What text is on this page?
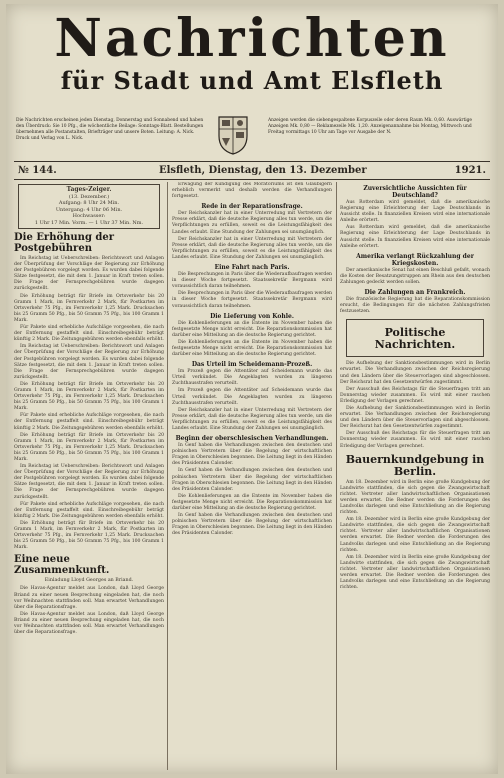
Nachrichten
für Stadt und Amt Elsfleth
Die Nachrichten erscheinen jeden Dienstag, Donnerstag und Sonnabend und haben den Überdruck: Sie 10 Pfg., die wöchentliche Beilage: Sonntags-Blatt. Bestellungen übernehmen alle Postanstalten, Briefträger und unsere Boten. Leitung: A. Nick. Druck und Verlag von L. Nick.
Anzeigen werden die siebengespaltene Korpuszeile oder deren Raum Mk. 0,60. Auswärtige Anzeigen Mk. 0,80 — Reklamezeile Mk. 1,20. Anzeigenannahme bis Montag, Mittwoch und Freitag vormittags 10 Uhr am Tage vor Ausgabe der N.
№ 144.	Elsfleth, Dienstag, den 13. Dezember	1921.
Tages-Zeiger.
(13. Dezember.)
Aufgang: 8 Uhr 24 Min.
Untergang: 4 Uhr 06 Min.
Hochwasser:
1 Uhr 17 Min. Vorm. — 1 Uhr 37 Min. Nm.
Die Erhöhung der Postgebühren

Im Reichstag ist Ueberschreiben: Berichtswort und Anlagen der Überprüfung der Vorschläge der Regierung zur Erhöhung der Postgebühren vorgelegt worden. Es wurden dabei folgende Sätze festgesetzt, die mit dem 1. Januar in Kraft treten sollen. Die Frage der Fernsprechgebühren wurde dagegen zurückgestellt.

Die Erhöhung beträgt für Briefe im Ortsverkehr bis 20 Gramm 1 Mark, im Fernverkehr 2 Mark, für Postkarten im Ortsverkehr 75 Pfg., im Fernverkehr 1,25 Mark. Drucksachen bis 25 Gramm 50 Pfg., bis 50 Gramm 75 Pfg., bis 100 Gramm 1 Mark.

Für Pakete sind erhebliche Aufschläge vorgesehen, die nach der Entfernung gestaffelt sind. Einschreibegebühr beträgt künftig 2 Mark. Die Zeitungsgebühren werden ebenfalls erhöht.

Im Reichstag ist Ueberschreiben: Berichtswort und Anlagen der Überprüfung der Vorschläge der Regierung zur Erhöhung der Postgebühren vorgelegt worden. Es wurden dabei folgende Sätze festgesetzt, die mit dem 1. Januar in Kraft treten sollen. Die Frage der Fernsprechgebühren wurde dagegen zurückgestellt.

Die Erhöhung beträgt für Briefe im Ortsverkehr bis 20 Gramm 1 Mark, im Fernverkehr 2 Mark, für Postkarten im Ortsverkehr 75 Pfg., im Fernverkehr 1,25 Mark. Drucksachen bis 25 Gramm 50 Pfg., bis 50 Gramm 75 Pfg., bis 100 Gramm 1 Mark.

Für Pakete sind erhebliche Aufschläge vorgesehen, die nach der Entfernung gestaffelt sind. Einschreibegebühr beträgt künftig 2 Mark. Die Zeitungsgebühren werden ebenfalls erhöht.

Die Erhöhung beträgt für Briefe im Ortsverkehr bis 20 Gramm 1 Mark, im Fernverkehr 2 Mark, für Postkarten im Ortsverkehr 75 Pfg., im Fernverkehr 1,25 Mark. Drucksachen bis 25 Gramm 50 Pfg., bis 50 Gramm 75 Pfg., bis 100 Gramm 1 Mark.

Im Reichstag ist Ueberschreiben: Berichtswort und Anlagen der Überprüfung der Vorschläge der Regierung zur Erhöhung der Postgebühren vorgelegt worden. Es wurden dabei folgende Sätze festgesetzt, die mit dem 1. Januar in Kraft treten sollen. Die Frage der Fernsprechgebühren wurde dagegen zurückgestellt.

Für Pakete sind erhebliche Aufschläge vorgesehen, die nach der Entfernung gestaffelt sind. Einschreibegebühr beträgt künftig 2 Mark. Die Zeitungsgebühren werden ebenfalls erhöht.

Die Erhöhung beträgt für Briefe im Ortsverkehr bis 20 Gramm 1 Mark, im Fernverkehr 2 Mark, für Postkarten im Ortsverkehr 75 Pfg., im Fernverkehr 1,25 Mark. Drucksachen bis 25 Gramm 50 Pfg., bis 50 Gramm 75 Pfg., bis 100 Gramm 1 Mark.

Eine neue Zusammenkunft.
Einladung Lloyd Georges an Briand.

Die Havas-Agentur meldet aus London, daß Lloyd George Briand zu einer neuen Besprechung eingeladen hat, die noch vor Weihnachten stattfinden soll. Man erwartet Verhandlungen über die Reparationsfrage.

Die Havas-Agentur meldet aus London, daß Lloyd George Briand zu einer neuen Besprechung eingeladen hat, die noch vor Weihnachten stattfinden soll. Man erwartet Verhandlungen über die Reparationsfrage.

Erwägung der Kündigung des Moratoriums ist den Gläubigern erheblich vermerkt und deshalb werden die Verhandlungen fortgesetzt.

Rede in der Reparationsfrage.

Der Reichskanzler hat in einer Unterredung mit Vertretern der Presse erklärt, daß die deutsche Regierung alles tun werde, um die Verpflichtungen zu erfüllen, soweit es die Leistungsfähigkeit des Landes erlaubt. Eine Stundung der Zahlungen sei unumgänglich.

Der Reichskanzler hat in einer Unterredung mit Vertretern der Presse erklärt, daß die deutsche Regierung alles tun werde, um die Verpflichtungen zu erfüllen, soweit es die Leistungsfähigkeit des Landes erlaubt. Eine Stundung der Zahlungen sei unumgänglich.

Eine Fahrt nach Paris.

Die Besprechungen in Paris über die Wiederaufbaufragen werden in dieser Woche fortgesetzt. Staatssekretär Bergmann wird voraussichtlich daran teilnehmen.

Die Besprechungen in Paris über die Wiederaufbaufragen werden in dieser Woche fortgesetzt. Staatssekretär Bergmann wird voraussichtlich daran teilnehmen.

Die Lieferung von Kohle.

Die Kohlenlieferungen an die Entente im November haben die festgesetzte Menge nicht erreicht. Die Reparationskommission hat darüber eine Mitteilung an die deutsche Regierung gerichtet.

Die Kohlenlieferungen an die Entente im November haben die festgesetzte Menge nicht erreicht. Die Reparationskommission hat darüber eine Mitteilung an die deutsche Regierung gerichtet.

Das Urteil im Scheidemann-Prozeß.

Im Prozeß gegen die Attentäter auf Scheidemann wurde das Urteil verkündet. Die Angeklagten wurden zu längeren Zuchthausstrafen verurteilt.

Im Prozeß gegen die Attentäter auf Scheidemann wurde das Urteil verkündet. Die Angeklagten wurden zu längeren Zuchthausstrafen verurteilt.

Der Reichskanzler hat in einer Unterredung mit Vertretern der Presse erklärt, daß die deutsche Regierung alles tun werde, um die Verpflichtungen zu erfüllen, soweit es die Leistungsfähigkeit des Landes erlaubt. Eine Stundung der Zahlungen sei unumgänglich.

Beginn der oberschlesischen Verhandlungen.

In Genf haben die Verhandlungen zwischen den deutschen und polnischen Vertretern über die Regelung der wirtschaftlichen Fragen in Oberschlesien begonnen. Die Leitung liegt in den Händen des Präsidenten Calonder.

In Genf haben die Verhandlungen zwischen den deutschen und polnischen Vertretern über die Regelung der wirtschaftlichen Fragen in Oberschlesien begonnen. Die Leitung liegt in den Händen des Präsidenten Calonder.

Die Kohlenlieferungen an die Entente im November haben die festgesetzte Menge nicht erreicht. Die Reparationskommission hat darüber eine Mitteilung an die deutsche Regierung gerichtet.

In Genf haben die Verhandlungen zwischen den deutschen und polnischen Vertretern über die Regelung der wirtschaftlichen Fragen in Oberschlesien begonnen. Die Leitung liegt in den Händen des Präsidenten Calonder.

Zuversichtliche Aussichten für Deutschland?

Aus Rotterdam wird gemeldet, daß die amerikanische Regierung eine Erleichterung der Lage Deutschlands in Aussicht stelle. In finanziellen Kreisen wird eine internationale Anleihe erörtert.

Aus Rotterdam wird gemeldet, daß die amerikanische Regierung eine Erleichterung der Lage Deutschlands in Aussicht stelle. In finanziellen Kreisen wird eine internationale Anleihe erörtert.

Amerika verlangt Rückzahlung der Kriegskosten.

Der amerikanische Senat hat einen Beschluß gefaßt, wonach die Kosten der Besatzungstruppen am Rhein aus den deutschen Zahlungen gedeckt werden sollen.

Die Zahlungen an Frankreich.

Die französische Regierung hat die Reparationskommission ersucht, die Bedingungen für die nächsten Zahlungsfristen festzusetzen.

Politische Nachrichten.

Die Aufhebung der Sanktionsbestimmungen wird in Berlin erwartet. Die Verhandlungen zwischen der Reichsregierung und den Ländern über die Steuervorlagen sind abgeschlossen. Der Reichsrat hat den Gesetzentwürfen zugestimmt.

Der Ausschuß des Reichstags für die Steuerfragen tritt am Donnerstag wieder zusammen. Es wird mit einer raschen Erledigung der Vorlagen gerechnet.

Die Aufhebung der Sanktionsbestimmungen wird in Berlin erwartet. Die Verhandlungen zwischen der Reichsregierung und den Ländern über die Steuervorlagen sind abgeschlossen. Der Reichsrat hat den Gesetzentwürfen zugestimmt.

Der Ausschuß des Reichstags für die Steuerfragen tritt am Donnerstag wieder zusammen. Es wird mit einer raschen Erledigung der Vorlagen gerechnet.

Bauernkundgebung in Berlin.

Am 18. Dezember wird in Berlin eine große Kundgebung der Landwirte stattfinden, die sich gegen die Zwangswirtschaft richtet. Vertreter aller landwirtschaftlichen Organisationen werden erwartet. Die Redner werden die Forderungen des Landvolks darlegen und eine Entschließung an die Regierung richten.

Am 18. Dezember wird in Berlin eine große Kundgebung der Landwirte stattfinden, die sich gegen die Zwangswirtschaft richtet. Vertreter aller landwirtschaftlichen Organisationen werden erwartet. Die Redner werden die Forderungen des Landvolks darlegen und eine Entschließung an die Regierung richten.

Am 18. Dezember wird in Berlin eine große Kundgebung der Landwirte stattfinden, die sich gegen die Zwangswirtschaft richtet. Vertreter aller landwirtschaftlichen Organisationen werden erwartet. Die Redner werden die Forderungen des Landvolks darlegen und eine Entschließung an die Regierung richten.
